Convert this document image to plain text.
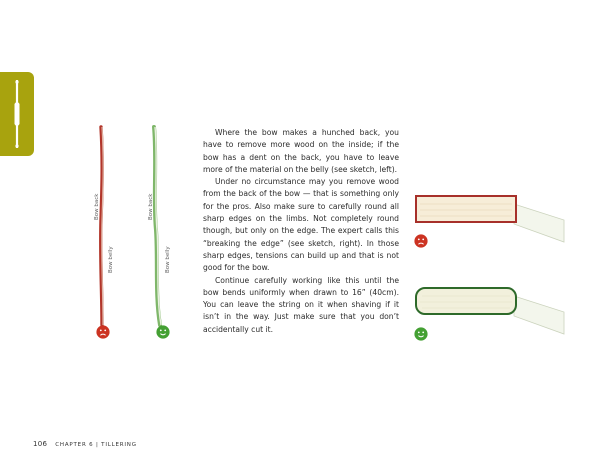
Bow back
Bow belly
Bow back
Bow belly

Where the bow makes a hunched back, you have to remove more wood on the inside; if the bow has a dent on the back, you have to leave more of the material on the belly (see sketch, left).

Under no circumstance may you remove wood from the back of the bow — that is something only for the pros. Also make sure to carefully round all sharp edges on the limbs. Not completely round though, but only on the edge. The expert calls this “breaking the edge” (see sketch, right). In those sharp edges, tensions can build up and that is not good for the bow.

Continue carefully working like this until the bow bends uniformly when drawn to 16” (40cm). You can leave the string on it when shaving if it isn’t in the way. Just make sure that you don’t accidentally cut it.

106 CHAPTER 6 | TILLERING
